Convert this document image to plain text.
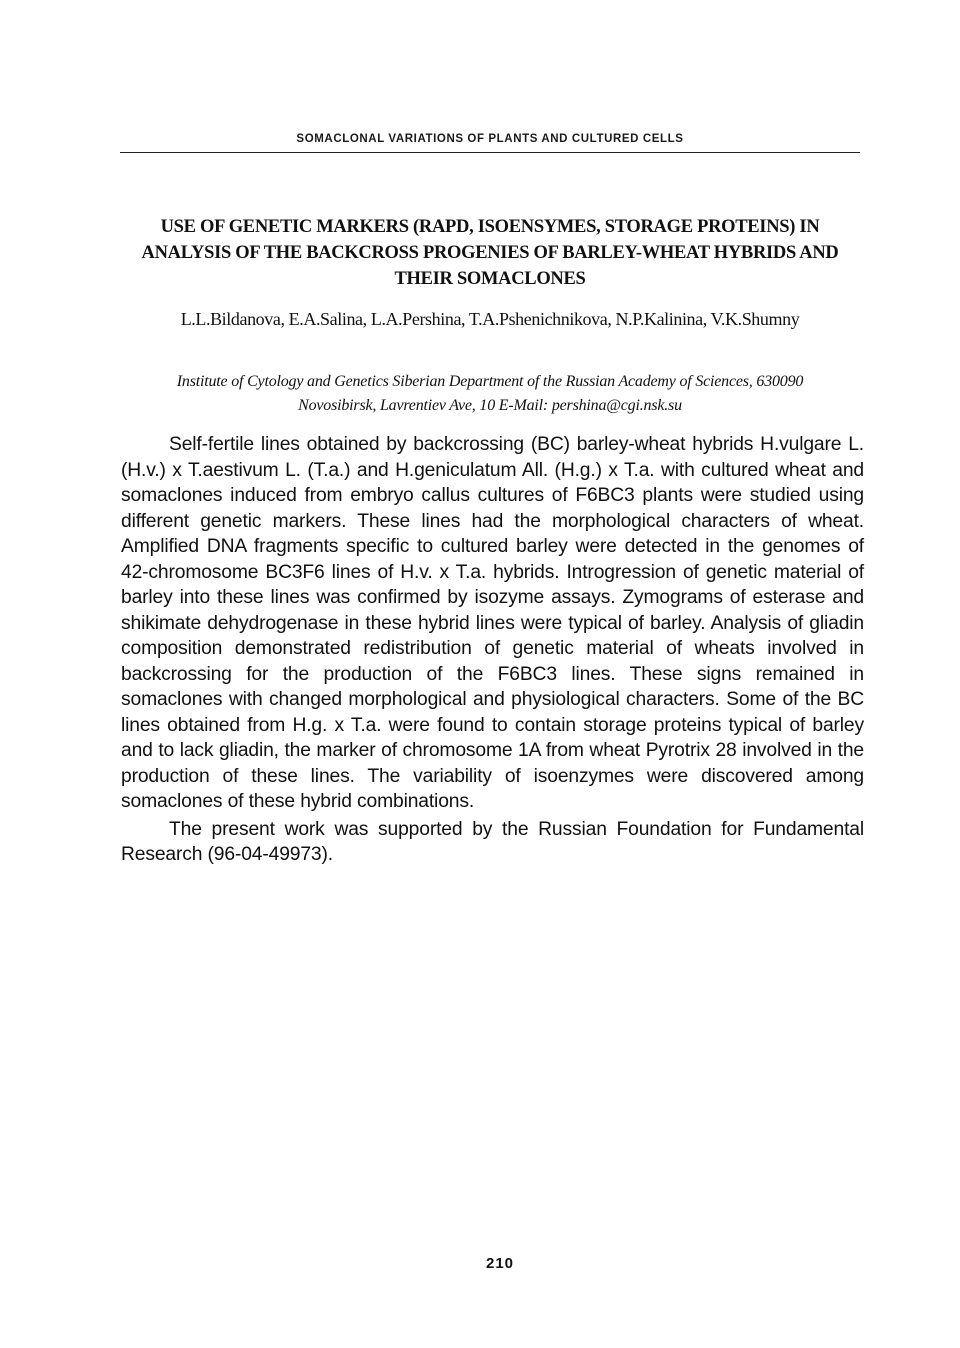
SOMACLONAL VARIATIONS OF PLANTS AND CULTURED CELLS
USE OF GENETIC MARKERS (RAPD, ISOENSYMES, STORAGE PROTEINS) IN ANALYSIS OF THE BACKCROSS PROGENIES OF BARLEY-WHEAT HYBRIDS AND THEIR SOMACLONES

L.L.Bildanova, E.A.Salina, L.A.Pershina, T.A.Pshenichnikova, N.P.Kalinina, V.K.Shumny

Institute of Cytology and Genetics Siberian Department of the Russian Academy of Sciences, 630090 Novosibirsk, Lavrentiev Ave, 10 E-Mail: pershina@cgi.nsk.su

Self-fertile lines obtained by backcrossing (BC) barley-wheat hybrids H.vulgare L. (H.v.) x T.aestivum L. (T.a.) and H.geniculatum All. (H.g.) x T.a. with cultured wheat and somaclones induced from embryo callus cultures of F6BC3 plants were studied using different genetic markers. These lines had the morphological characters of wheat. Amplified DNA fragments specific to cultured barley were detected in the genomes of 42-chromosome BC3F6 lines of H.v. x T.a. hybrids. Introgression of genetic material of barley into these lines was confirmed by isozyme assays. Zymograms of esterase and shikimate dehydrogenase in these hybrid lines were typical of barley. Analysis of gliadin composition demonstrated redistribution of genetic material of wheats involved in backcrossing for the production of the F6BC3 lines. These signs remained in somaclones with changed morphological and physiological characters. Some of the BC lines obtained from H.g. x T.a. were found to contain storage proteins typical of barley and to lack gliadin, the marker of chromosome 1A from wheat Pyrotrix 28 involved in the production of these lines. The variability of isoenzymes were discovered among somaclones of these hybrid combinations.

The present work was supported by the Russian Foundation for Fundamental Research (96-04-49973).

210
